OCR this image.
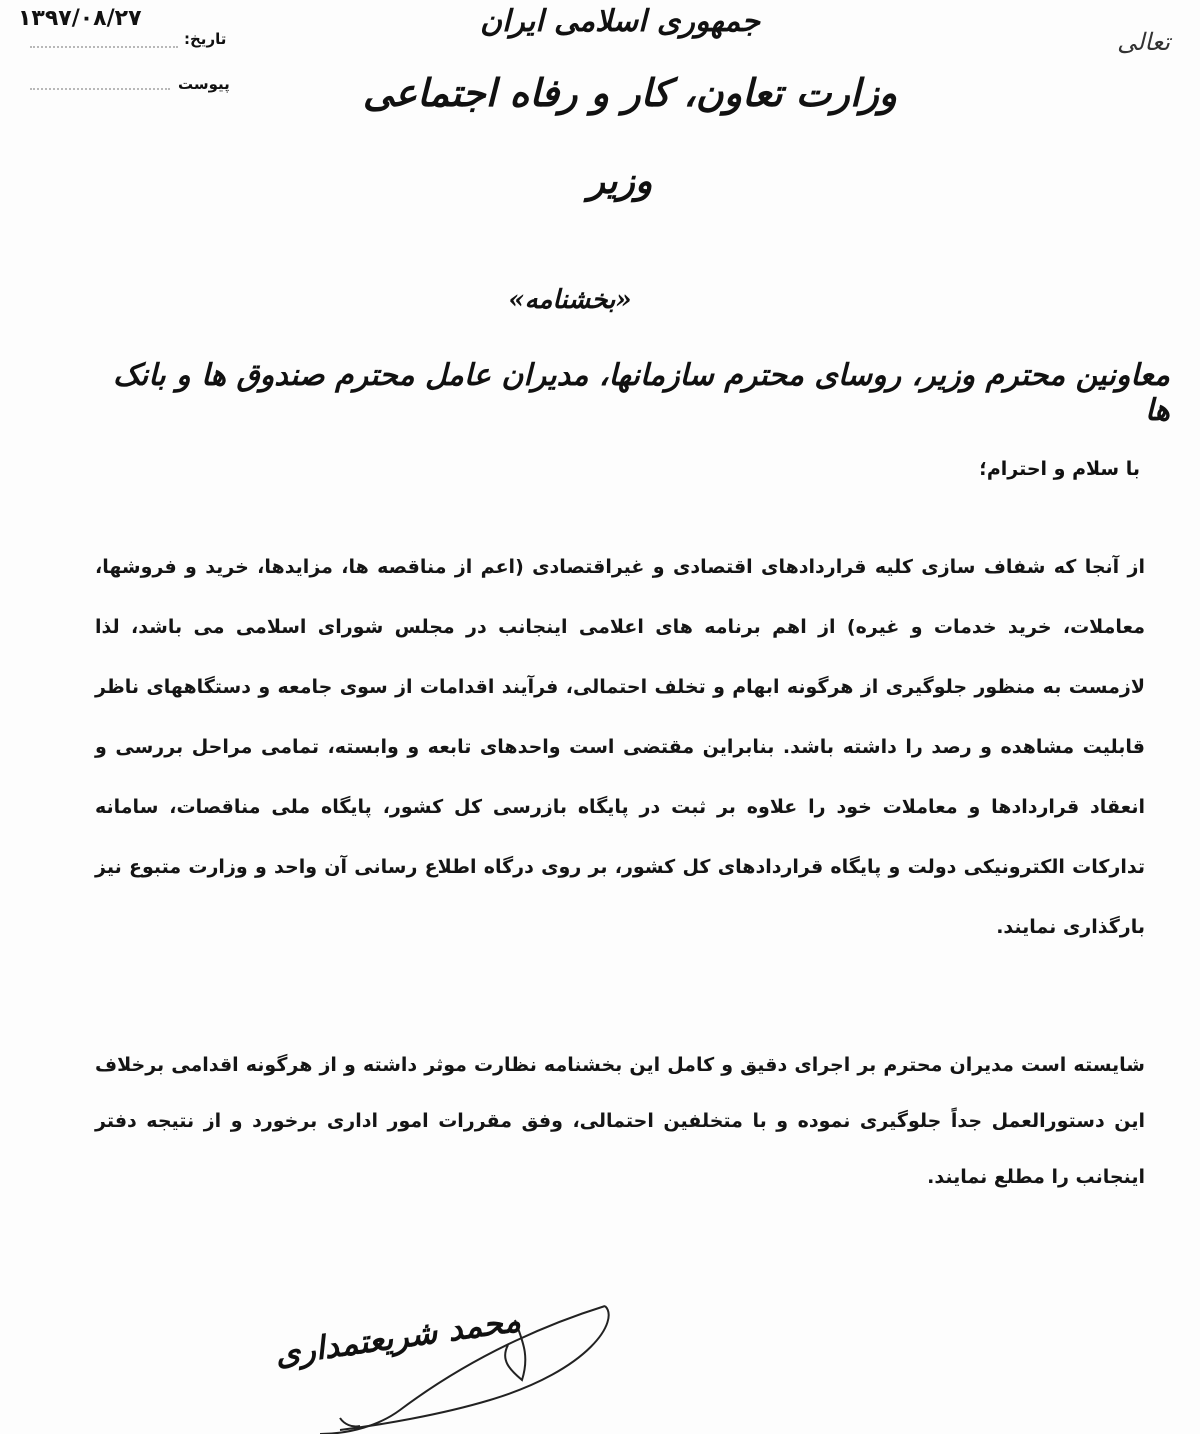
۱۳۹۷/۰۸/۲۷
تاریخ:
پیوست
تعالی
جمهوری اسلامی ایران
وزارت تعاون، کار و رفاه اجتماعی
وزیر
«بخشنامه»
معاونین محترم وزیر، روسای محترم سازمانها، مدیران عامل محترم صندوق ها و بانک ها
با سلام و احترام؛

از آنجا که شفاف سازی کلیه قراردادهای اقتصادی و غیراقتصادی (اعم از مناقصه ها، مزایدها، خرید و فروشها، معاملات، خرید خدمات و غیره) از اهم برنامه های اعلامی اینجانب در مجلس شورای اسلامی می باشد، لذا لازمست به منظور جلوگیری از هرگونه ابهام و تخلف احتمالی، فرآیند اقدامات از سوی جامعه و دستگاههای ناظر قابلیت مشاهده و رصد را داشته باشد. بنابراین مقتضی است واحدهای تابعه و وابسته، تمامی مراحل بررسی و انعقاد قراردادها و معاملات خود را علاوه بر ثبت در پایگاه بازرسی کل کشور، پایگاه ملی مناقصات، سامانه تدارکات الکترونیکی دولت و پایگاه قراردادهای کل کشور، بر روی درگاه اطلاع رسانی آن واحد و وزارت متبوع نیز بارگذاری نمایند.

شایسته است مدیران محترم بر اجرای دقیق و کامل این بخشنامه نظارت موثر داشته و از هرگونه اقدامی برخلاف این دستورالعمل جداً جلوگیری نموده و با متخلفین احتمالی، وفق مقررات امور اداری برخورد و از نتیجه دفتر اینجانب را مطلع نمایند.

محمد شریعتمداری
